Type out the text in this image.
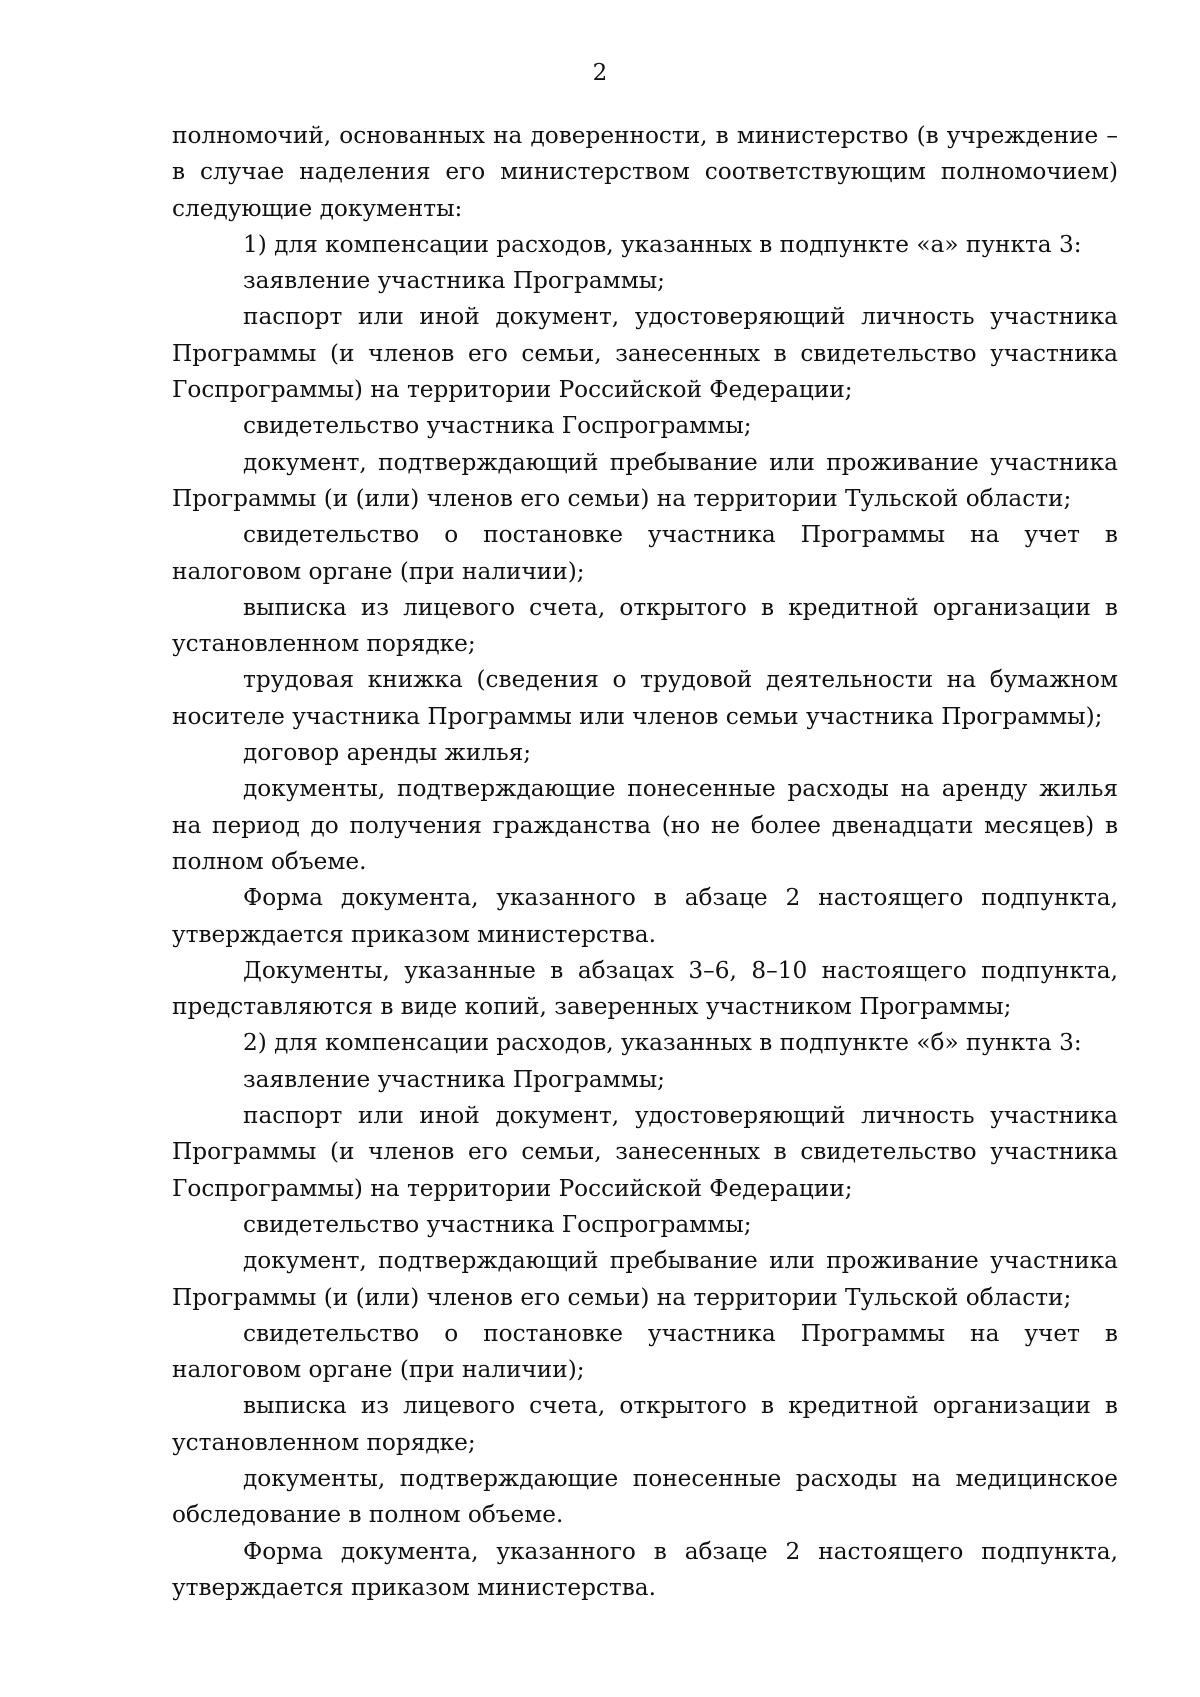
2

полномочий, основанных на доверенности, в министерство (в учреждение – в случае наделения его министерством соответствующим полномочием) следующие документы:

1) для компенсации расходов, указанных в подпункте «а» пункта 3:

заявление участника Программы;

паспорт или иной документ, удостоверяющий личность участника Программы (и членов его семьи, занесенных в свидетельство участника Госпрограммы) на территории Российской Федерации;

свидетельство участника Госпрограммы;

документ, подтверждающий пребывание или проживание участника Программы (и (или) членов его семьи) на территории Тульской области;

свидетельство о постановке участника Программы на учет в налоговом органе (при наличии);

выписка из лицевого счета, открытого в кредитной организации в установленном порядке;

трудовая книжка (сведения о трудовой деятельности на бумажном носителе участника Программы или членов семьи участника Программы);

договор аренды жилья;

документы, подтверждающие понесенные расходы на аренду жилья на период до получения гражданства (но не более двенадцати месяцев) в полном объеме.

Форма документа, указанного в абзаце 2 настоящего подпункта, утверждается приказом министерства.

Документы, указанные в абзацах 3–6, 8–10 настоящего подпункта, представляются в виде копий, заверенных участником Программы;

2) для компенсации расходов, указанных в подпункте «б» пункта 3:

заявление участника Программы;

паспорт или иной документ, удостоверяющий личность участника Программы (и членов его семьи, занесенных в свидетельство участника Госпрограммы) на территории Российской Федерации;

свидетельство участника Госпрограммы;

документ, подтверждающий пребывание или проживание участника Программы (и (или) членов его семьи) на территории Тульской области;

свидетельство о постановке участника Программы на учет в налоговом органе (при наличии);

выписка из лицевого счета, открытого в кредитной организации в установленном порядке;

документы, подтверждающие понесенные расходы на медицинское обследование в полном объеме.

Форма документа, указанного в абзаце 2 настоящего подпункта, утверждается приказом министерства.
